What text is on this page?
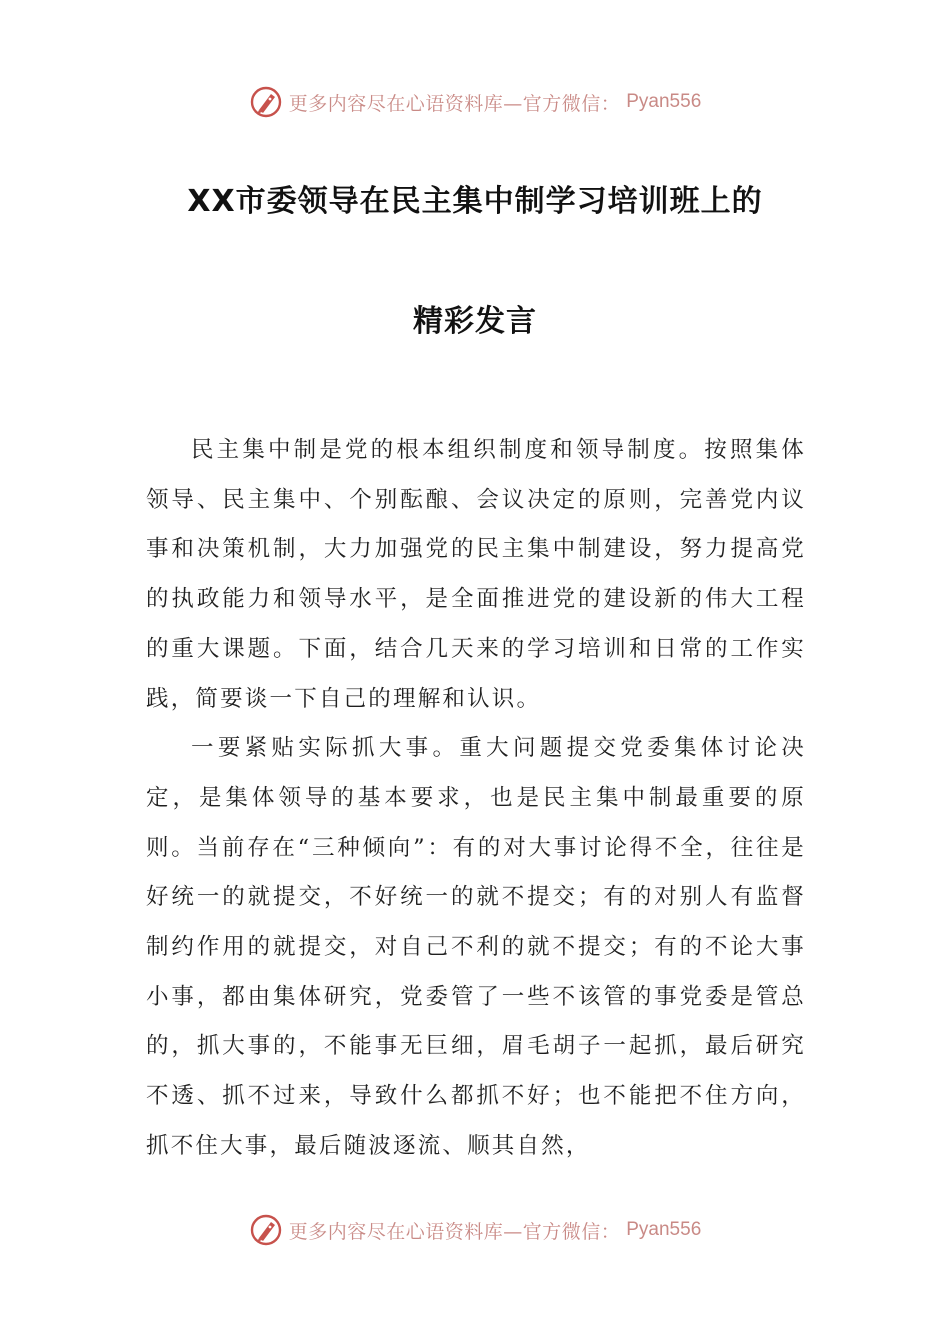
更多内容尽在心语资料库—官方微信： Pyan556
XX市委领导在民主集中制学习培训班上的
精彩发言

民主集中制是党的根本组织制度和领导制度。按照集体领导、民主集中、个别酝酿、会议决定的原则，完善党内议事和决策机制，大力加强党的民主集中制建设，努力提高党的执政能力和领导水平，是全面推进党的建设新的伟大工程的重大课题。下面，结合几天来的学习培训和日常的工作实践，简要谈一下自己的理解和认识。

一要紧贴实际抓大事。重大问题提交党委集体讨论决定，是集体领导的基本要求，也是民主集中制最重要的原则。当前存在“三种倾向”：有的对大事讨论得不全，往往是好统一的就提交，不好统一的就不提交；有的对别人有监督制约作用的就提交，对自己不利的就不提交；有的不论大事小事，都由集体研究，党委管了一些不该管的事党委是管总的，抓大事的，不能事无巨细，眉毛胡子一起抓，最后研究不透、抓不过来，导致什么都抓不好；也不能把不住方向，抓不住大事，最后随波逐流、顺其自然，

更多内容尽在心语资料库—官方微信： Pyan556
